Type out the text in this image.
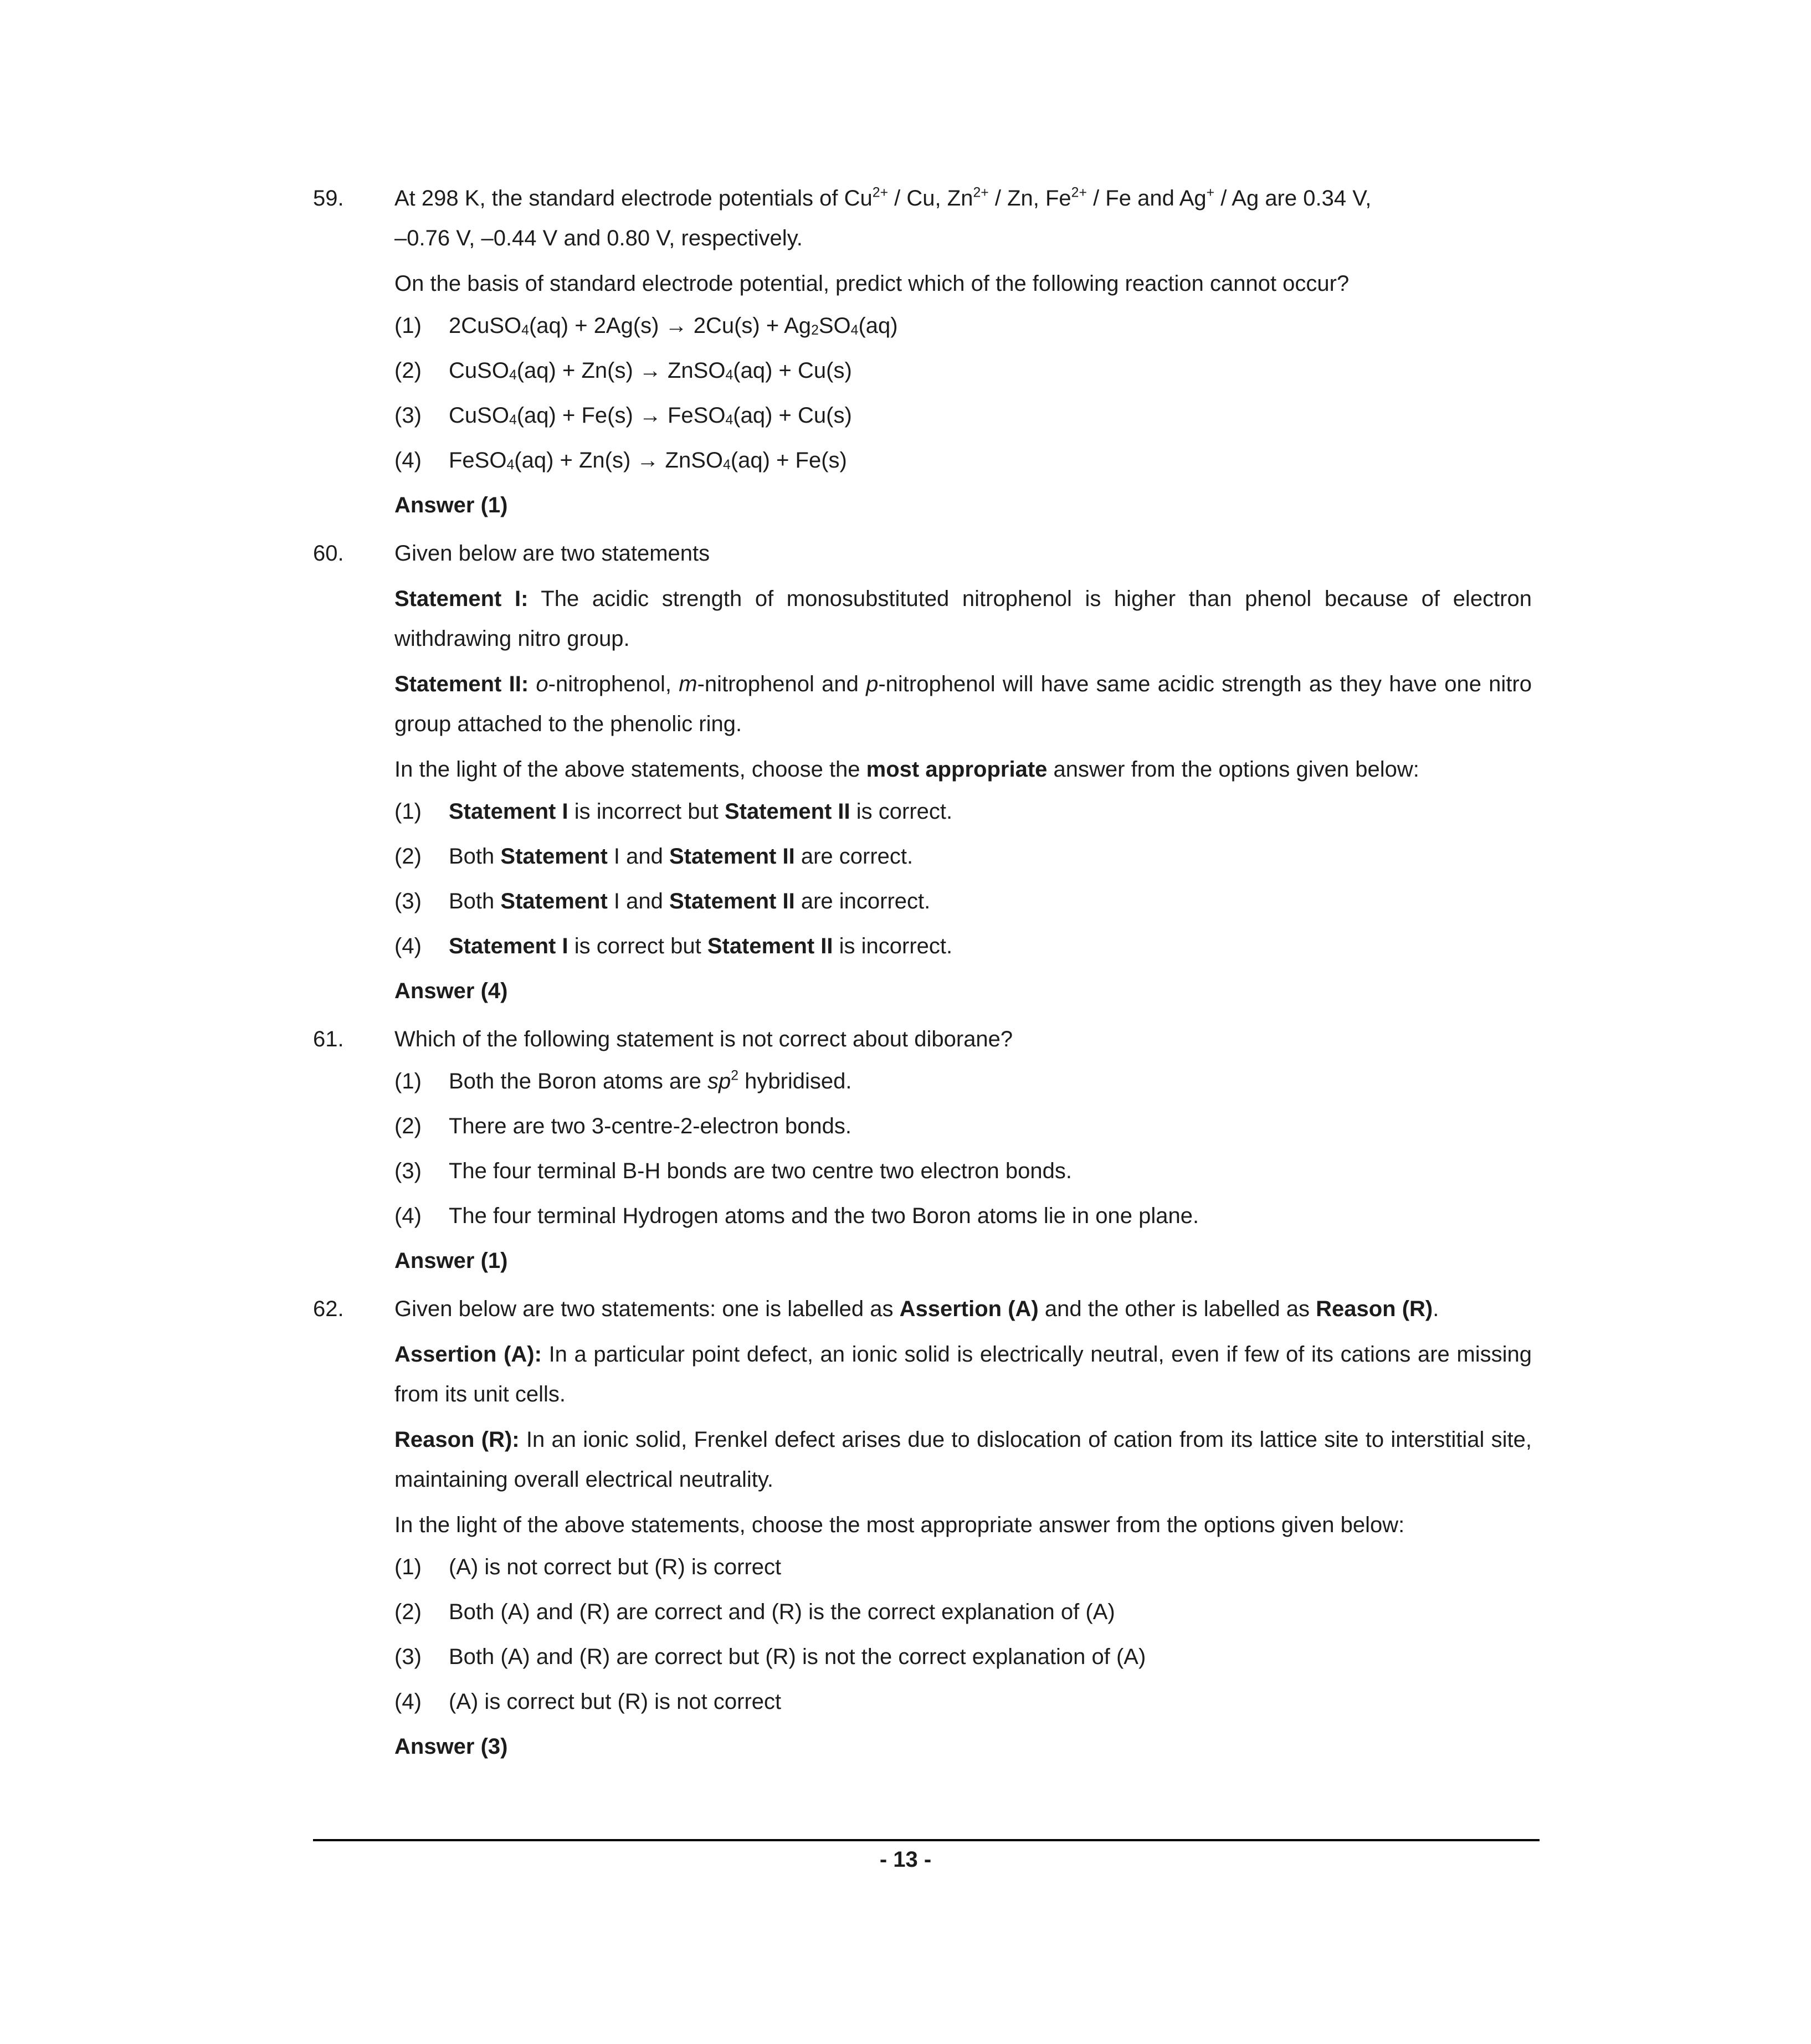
59.	At 298 K, the standard electrode potentials of $Cu^{2+}$ / Cu, $Zn^{2+}$ / Zn, $Fe^{2+}$ / Fe and Ag+ / Ag are 0.34 V,
–0.76 V, –0.44 V and 0.80 V, respectively.

On the basis of standard electrode potential, predict which of the following reaction cannot occur?

(1)	2CuSO$_4$(aq) + $2Ag(s) \to 2Cu(s) + Ag_2SO_4(aq)$
(2)	CuSO$_4$(aq) + Zn(s) → ZnSO$_4$(aq) + Cu(s)
(3)	CuSO$_4$(aq) + Fe(s) → FeSO$_4$(aq) + Cu(s)
(4)	FeSO$_4$(aq) + Zn(s) → ZnSO$_4$(aq) + Fe(s)

Answer (1)

60.	Given below are two statements

Statement I: The acidic strength of monosubstituted nitrophenol is higher than phenol because of electron withdrawing nitro group.

Statement II: o-nitrophenol, m-nitrophenol and p-nitrophenol will have same acidic strength as they have one nitro group attached to the phenolic ring.

In the light of the above statements, choose the most appropriate answer from the options given below:

(1)	Statement I is incorrect but Statement II is correct.
(2)	Both Statement I and Statement II are correct.
(3)	Both Statement I and Statement II are incorrect.
(4)	Statement I is correct but Statement II is incorrect.

Answer (4)

61.	Which of the following statement is not correct about diborane?

(1)	Both the Boron atoms are $sp^2$ hybridised.
(2)	There are two 3-centre-2-electron bonds.
(3)	The four terminal B-H bonds are two centre two electron bonds.
(4)	The four terminal Hydrogen atoms and the two Boron atoms lie in one plane.

Answer (1)

62.	Given below are two statements: one is labelled as Assertion (A) and the other is labelled as Reason (R).

Assertion (A): In a particular point defect, an ionic solid is electrically neutral, even if few of its cations are missing from its unit cells.

Reason (R): In an ionic solid, Frenkel defect arises due to dislocation of cation from its lattice site to interstitial site, maintaining overall electrical neutrality.

In the light of the above statements, choose the most appropriate answer from the options given below:

(1)	(A) is not correct but (R) is correct
(2)	Both (A) and (R) are correct and (R) is the correct explanation of (A)
(3)	Both (A) and (R) are correct but (R) is not the correct explanation of (A)
(4)	(A) is correct but (R) is not correct

Answer (3)

- 13 -
